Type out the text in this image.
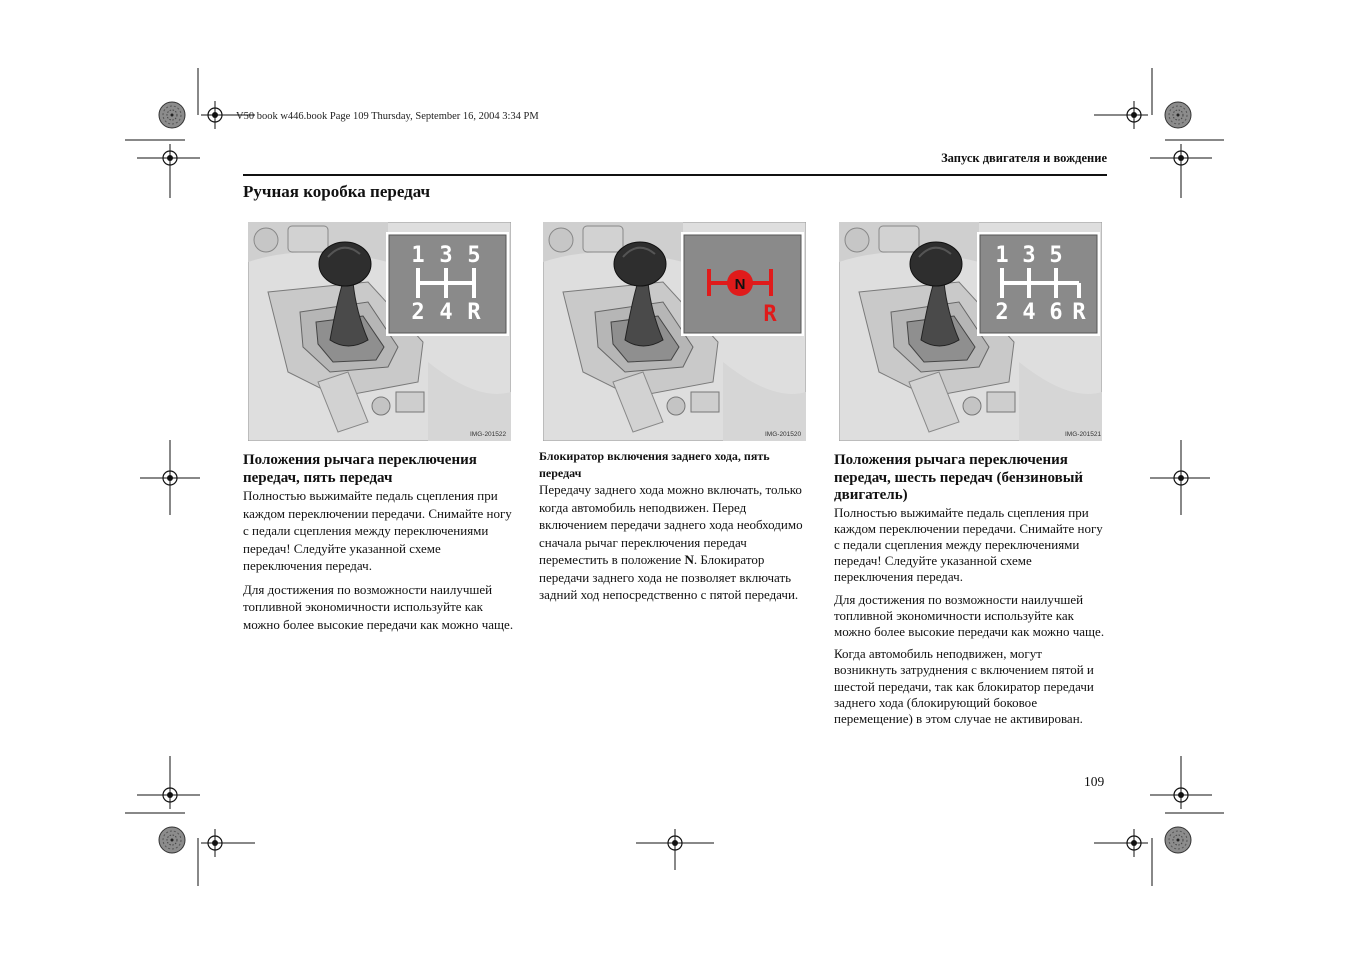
V50 book w446.book Page 109 Thursday, September 16, 2004 3:34 PM
Запуск двигателя и вождение
Ручная коробка передач
IMG-201522
1 3 5
2 4 R
IMG-201520
N
R
IMG-201521
1 3 5
2 4 6 R

Положения рычага переключения передач, пять передач

Полностью выжимайте педаль сцепления при каждом переключении передачи. Снимайте ногу с педали сцепления между переключениями передач! Следуйте указанной схеме переключения передач.

Для достижения по возможности наилучшей топливной экономичности используйте как можно более высокие передачи как можно чаще.

Блокиратор включения заднего хода, пять передач

Передачу заднего хода можно включать, только когда автомобиль неподвижен. Перед включением передачи заднего хода необходимо сначала рычаг переключения передач переместить в положение N. Блокиратор передачи заднего хода не позволяет включать задний ход непосредственно с пятой передачи.

Положения рычага переключения передач, шесть передач (бензиновый двигатель)

Полностью выжимайте педаль сцепления при каждом переключении передачи. Снимайте ногу с педали сцепления между переключениями передач! Следуйте указанной схеме переключения передач.

Для достижения по возможности наилучшей топливной экономичности используйте как можно более высокие передачи как можно чаще.

Когда автомобиль неподвижен, могут возникнуть затруднения с включением пятой и шестой передачи, так как блокиратор передачи заднего хода (блокирующий боковое перемещение) в этом случае не активирован.

109
